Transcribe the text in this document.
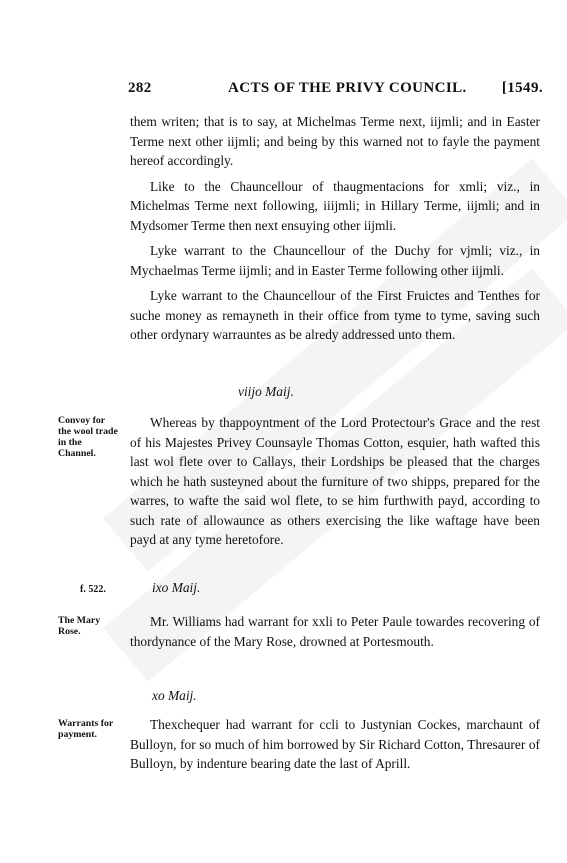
282	ACTS OF THE PRIVY COUNCIL. [1549.

them writen; that is to say, at Michelmas Terme next, iijmli; and in Easter Terme next other iijmli; and being by this warned not to fayle the payment hereof accordingly.

Like to the Chauncellour of thaugmentacions for xmli; viz., in Michelmas Terme next following, iiijmli; in Hillary Terme, iijmli; and in Mydsomer Terme then next ensuying other iijmli.

Lyke warrant to the Chauncellour of the Duchy for vjmli; viz., in Mychaelmas Terme iijmli; and in Easter Terme following other iijmli.

Lyke warrant to the Chauncellour of the First Fruictes and Tenthes for suche money as remayneth in their office from tyme to tyme, saving such other ordynary warrauntes as be alredy addressed unto them.

viijo Maij.
Convoy for the wool trade in the Channel.

Whereas by thappoyntment of the Lord Protectour's Grace and the rest of his Majestes Privey Counsayle Thomas Cotton, esquier, hath wafted this last wol flete over to Callays, their Lordships be pleased that the charges which he hath susteyned about the furniture of two shipps, prepared for the warres, to wafte the said wol flete, to se him furthwith payd, according to such rate of allowaunce as others exercising the like waftage have been payd at any tyme heretofore.

f. 522.	ixo Maij.
The Mary Rose.

Mr. Williams had warrant for xxli to Peter Paule towardes recovering of thordynance of the Mary Rose, drowned at Portesmouth.

xo Maij.
Warrants for payment.

Thexchequer had warrant for ccli to Justynian Cockes, marchaunt of Bulloyn, for so much of him borrowed by Sir Richard Cotton, Thresaurer of Bulloyn, by indenture bearing date the last of Aprill.
